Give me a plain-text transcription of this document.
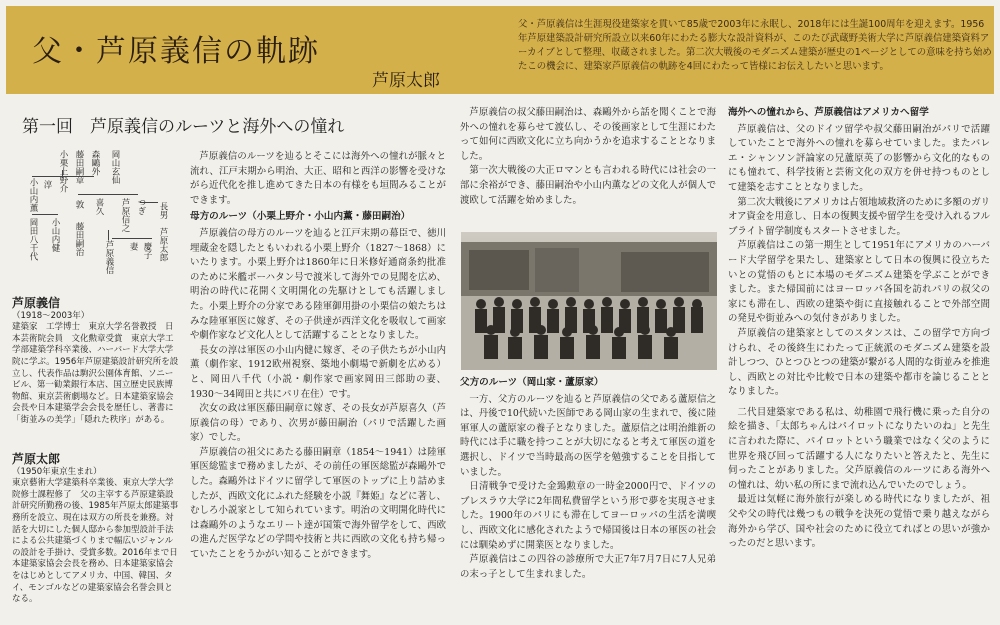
父・芦原義信の軌跡
芦原太郎
父・芦原義信は生涯現役建築家を貫いて85歳で2003年に永眠し、2018年には生誕100周年を迎えます。1956年芦原建築設計研究所設立以来60年にわたる膨大な設計資料が、このたび武蔵野美術大学に芦原義信建築資料アーカイブとして整理、収蔵されました。第二次大戦後のモダニズム建築が歴史の1ページとしての意味を持ち始めたこの機会に、建築家芦原義信の軌跡を4回にわたって皆様にお伝えしたいと思います。
第一回　芦原義信のルーツと海外への憧れ
小山内薫
小栗上野介
淳
岡田八千代 小山内健
藤田嗣章 森鷗外
敦
藤田嗣治
岡山玄仙
喜久 芦原信之
芦原義信
つぎ
妻 慶子 長男　芦原太郎
芦原義信
（1918〜2003年）
建築家　工学博士　東京大学名誉教授　日本芸術院会員　文化勲章受賞　東京大学工学部建築学科卒業後、ハーバード大学大学院に学ぶ。1956年芦原建築設計研究所を設立し、代表作品は駒沢公園体育館、ソニービル、第一勧業銀行本店、国立歴史民族博物館、東京芸術劇場など。日本建築家協会会長や日本建築学会会長を歴任し、著書に「街並みの美学」「隠れた秩序」がある。
芦原太郎
（1950年東京生まれ）
東京藝術大学建築科卒業後、東京大学大学院修士課程修了　父の主宰する芦原建築設計研究所勤務の後、1985年芦原太郎建築事務所を設立、現在は双方の所長を兼務。対話を大切にした個人邸から参加型設計手法による公共建築づくりまで幅広いジャンルの設計を手掛け、受賞多数。2016年まで日本建築家協会会長を務め、日本建築家協会をはじめとしてアメリカ、中国、韓国、タイ、モンゴルなどの建築家協会名誉会員となる。

芦原義信のルーツを辿るとそこには海外への憧れが脈々と流れ、江戸末期から明治、大正、昭和と西洋の影響を受けながら近代化を推し進めてきた日本の有様をも垣間みることができます。

母方のルーツ（小栗上野介・小山内薫・藤田嗣治）

芦原義信の母方のルーツを辿ると江戸末期の幕臣で、徳川埋蔵金を隠したともいわれる小栗上野介（1827〜1868）にいたります。小栗上野介は1860年に日米修好通商条約批准のために米艦ポーハタン号で渡米して海外での見聞を広め、明治の時代に花開く文明開化の先駆けとしても活躍しました。小栗上野介の分家である陸軍御用掛の小栗信の娘たちはみな陸軍軍医に嫁ぎ、その子供達が西洋文化を吸収して画家や劇作家など文化人として活躍することとなりました。

長女の淳は軍医の小山内健に嫁ぎ、その子供たちが小山内薫（劇作家、1912欧州視察、築地小劇場で新劇を広める）と、岡田八千代（小説・劇作家で画家岡田三郎助の妻、1930〜34岡田と共にパリ在住）です。

次女の政は軍医藤田嗣章に嫁ぎ、その長女が芦原喜久（芦原義信の母）であり、次男が藤田嗣治（パリで活躍した画家）でした。

芦原義信の祖父にあたる藤田嗣章（1854〜1941）は陸軍軍医総監まで務めましたが、その前任の軍医総監が森鷗外でした。森鷗外はドイツに留学して軍医のトップに上り詰めましたが、西欧文化にふれた経験を小説『舞姫』などに著し、むしろ小説家として知られています。明治の文明開化時代には森鷗外のようなエリート達が国策で海外留学をして、西欧の進んだ医学などの学問や技術と共に西欧の文化も持ち帰っていたことをうかがい知ることができます。

芦原義信の叔父藤田嗣治は、森鷗外から話を聞くことで海外への憧れを募らせて渡仏し、その後画家として生涯にわたって如何に西欧文化に立ち向かうかを追求することとなりました。

第一次大戦後の大正ロマンとも言われる時代には社会の一部に余裕ができ、藤田嗣治や小山内薫などの文化人が個人で渡欧して活躍を始めました。

父方のルーツ（岡山家・蘆原家）

一方、父方のルーツを辿ると芦原義信の父である蘆原信之は、丹後で10代続いた医師である岡山家の生まれで、後に陸軍軍人の蘆原家の養子となりました。蘆原信之は明治維新の時代には手に職を持つことが大切になると考えて軍医の道を選択し、ドイツで当時最高の医学を勉強することを目指していました。

日清戦争で受けた金鵄勲章の一時金2000円で、ドイツのブレスラウ大学に2年間私費留学という形で夢を実現させました。1900年のパリにも滞在してヨーロッパの生活を満喫し、西欧文化に感化されたようで帰国後は日本の軍医の社会には馴染めずに開業医となりました。

芦原義信はこの四谷の診療所で大正7年7月7日に7人兄弟の末っ子として生まれました。

海外への憧れから、芦原義信はアメリカへ留学

芦原義信は、父のドイツ留学や叔父藤田嗣治がパリで活躍していたことで海外への憧れを募らせていました。またバレエ・シャンソン評論家の兄蘆原英了の影響から文化的なものにも憧れて、科学技術と芸術文化の双方を併せ持つものとして建築を志すこととなりました。

第二次大戦後にアメリカは占領地域救済のために多額のガリオア資金を用意し、日本の復興支援や留学生を受け入れるフルブライト留学制度もスタートさせました。

芦原義信はこの第一期生として1951年にアメリカのハーバード大学留学を果たし、建築家として日本の復興に役立ちたいとの覚悟のもとに本場のモダニズム建築を学ぶことができました。また帰国前にはヨーロッパ各国を訪れパリの叔父の家にも滞在し、西欧の建築や街に直接触れることで外部空間の発見や街並みへの気付きがありました。

芦原義信の建築家としてのスタンスは、この留学で方向づけられ、その後終生にわたって正統派のモダニズム建築を設計しつつ、ひとつひとつの建築が繋がる人間的な街並みを推進し、西欧との対比や比較で日本の建築や都市を論じることとなりました。

二代目建築家である私は、幼稚園で飛行機に乗った自分の絵を描き、「太郎ちゃんはパイロットになりたいのね」と先生に言われた際に、パイロットという職業ではなく父のように世界を飛び回って活躍する人になりたいと答えたと、先生に伺ったことがありました。父芦原義信のルーツにある海外への憧れは、幼い私の所にまで流れ込んでいたのでしょう。

最近は気軽に海外旅行が楽しめる時代になりましたが、祖父や父の時代は幾つもの戦争を決死の覚悟で乗り越えながら海外から学び、国や社会のために役立てればとの思いが強かったのだと思います。
